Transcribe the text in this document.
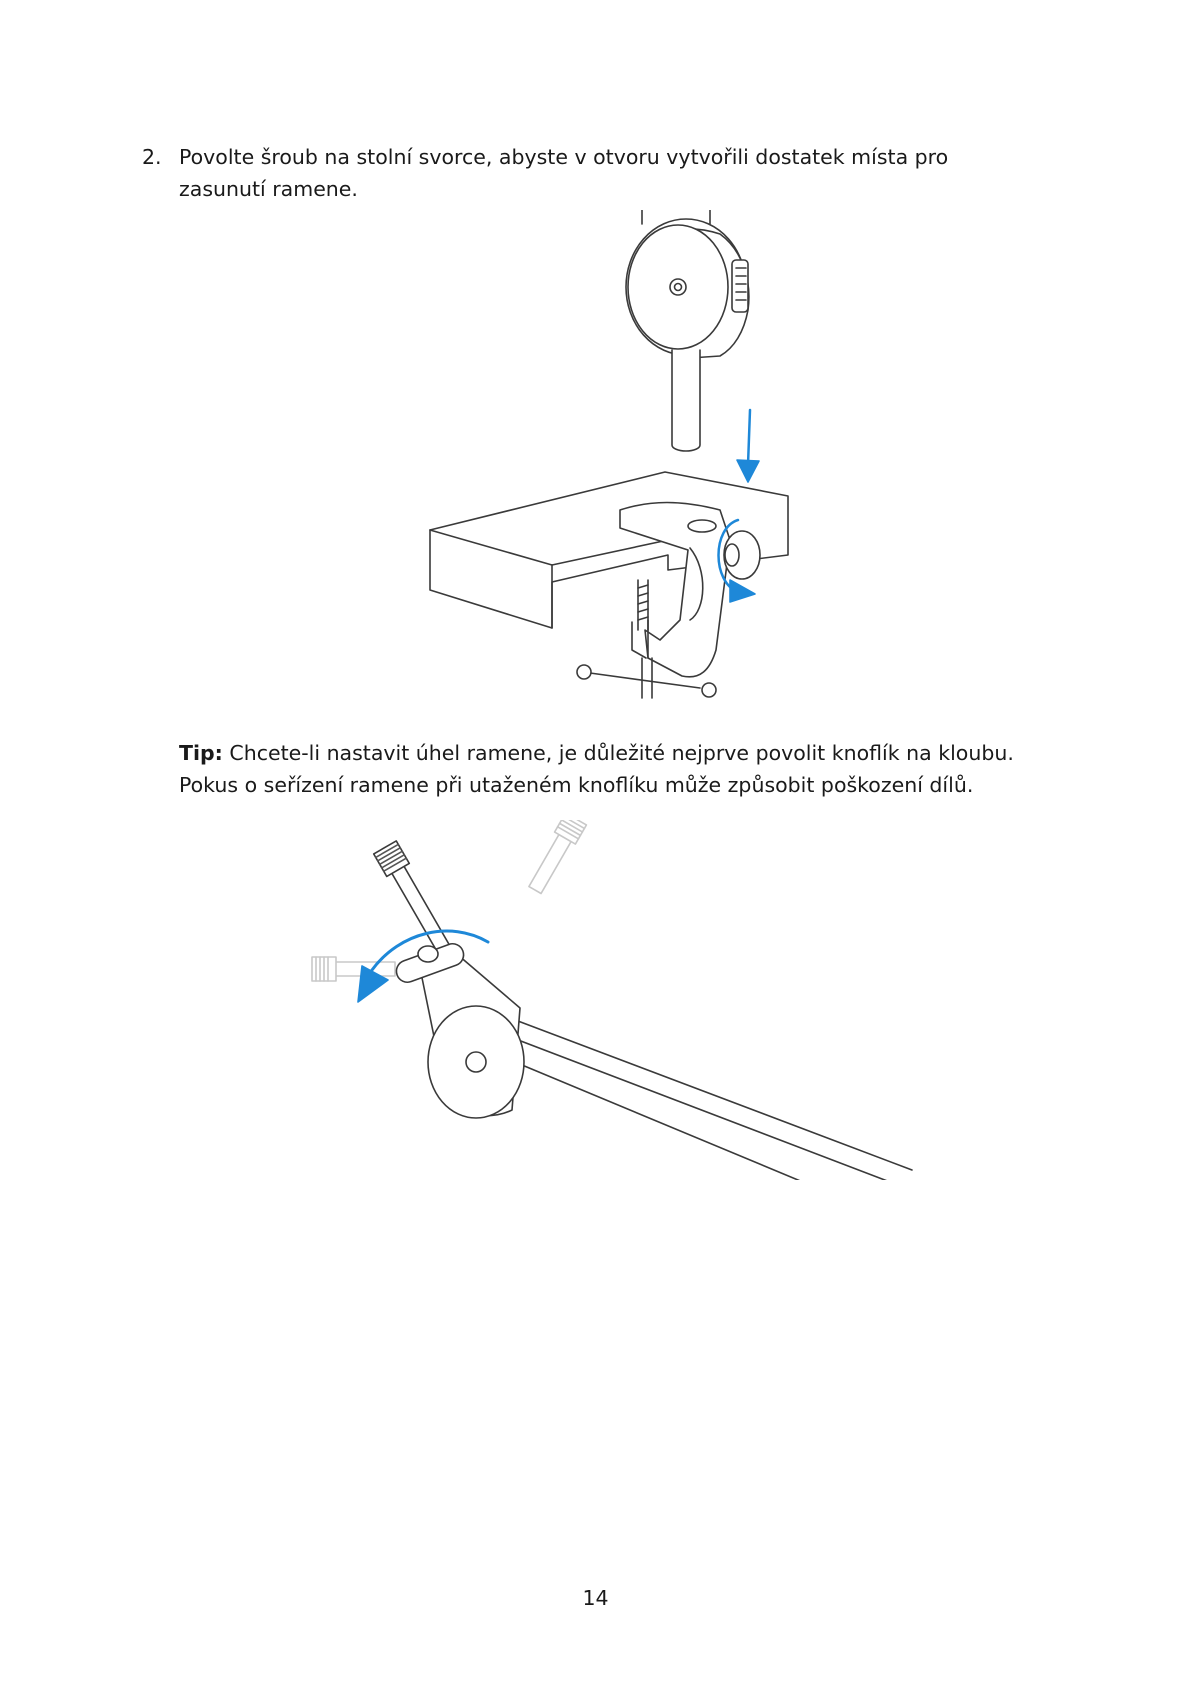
2. Povolte šroub na stolní svorce, abyste v otvoru vytvořili dostatek místa pro zasunutí ramene.
Tip: Chcete-li nastavit úhel ramene, je důležité nejprve povolit knoflík na kloubu. Pokus o seřízení ramene při utaženém knoflíku může způsobit poškození dílů.
14
